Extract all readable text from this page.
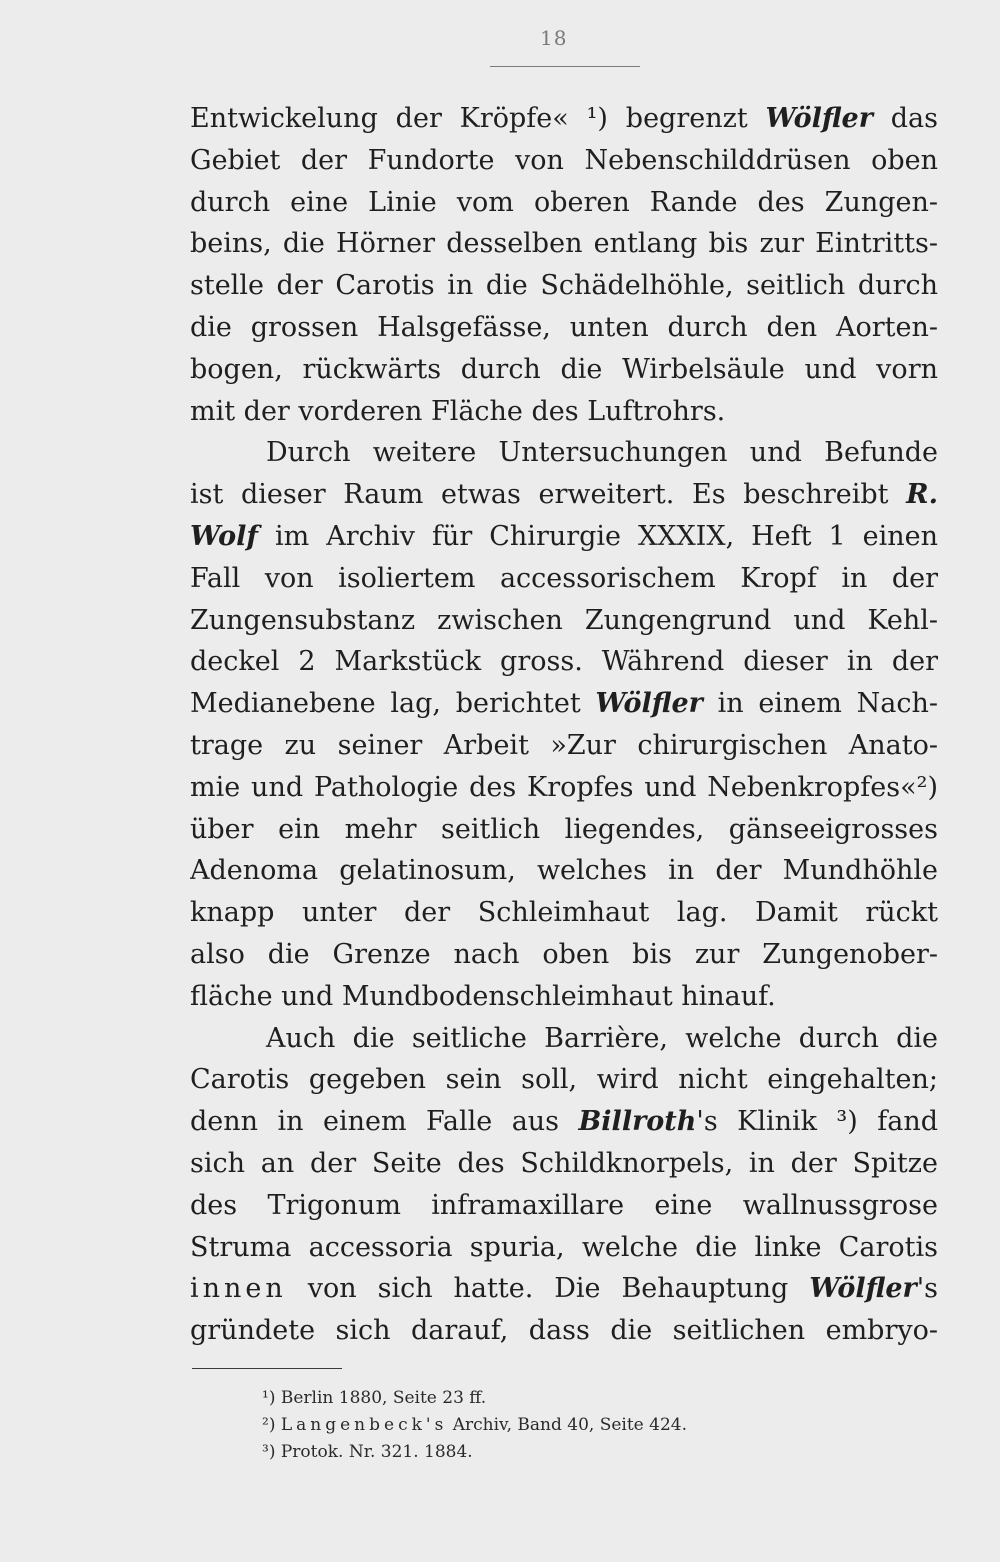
18
Entwickelung der Kröpfe« ¹) begrenzt Wölfler das
Gebiet der Fundorte von Nebenschilddrüsen oben
durch eine Linie vom oberen Rande des Zungen-
beins, die Hörner desselben entlang bis zur Eintritts-
stelle der Carotis in die Schädelhöhle, seitlich durch
die grossen Halsgefässe, unten durch den Aorten-
bogen, rückwärts durch die Wirbelsäule und vorn
mit der vorderen Fläche des Luftrohrs.
Durch weitere Untersuchungen und Befunde
ist dieser Raum etwas erweitert. Es beschreibt R.
Wolf im Archiv für Chirurgie XXXIX, Heft 1 einen
Fall von isoliertem accessorischem Kropf in der
Zungensubstanz zwischen Zungengrund und Kehl-
deckel 2 Markstück gross. Während dieser in der
Medianebene lag, berichtet Wölfler in einem Nach-
trage zu seiner Arbeit »Zur chirurgischen Anato-
mie und Pathologie des Kropfes und Nebenkropfes«²)
über ein mehr seitlich liegendes, gänseeigrosses
Adenoma gelatinosum, welches in der Mundhöhle
knapp unter der Schleimhaut lag. Damit rückt
also die Grenze nach oben bis zur Zungenober-
fläche und Mundbodenschleimhaut hinauf.
Auch die seitliche Barrière, welche durch die
Carotis gegeben sein soll, wird nicht eingehalten;
denn in einem Falle aus Billroth's Klinik ³) fand
sich an der Seite des Schildknorpels, in der Spitze
des Trigonum inframaxillare eine wallnussgrose
Struma accessoria spuria, welche die linke Carotis
innen von sich hatte. Die Behauptung Wölfler's
gründete sich darauf, dass die seitlichen embryo-
¹) Berlin 1880, Seite 23 ff.
²) Langenbeck's Archiv, Band 40, Seite 424.
³) Protok. Nr. 321. 1884.
